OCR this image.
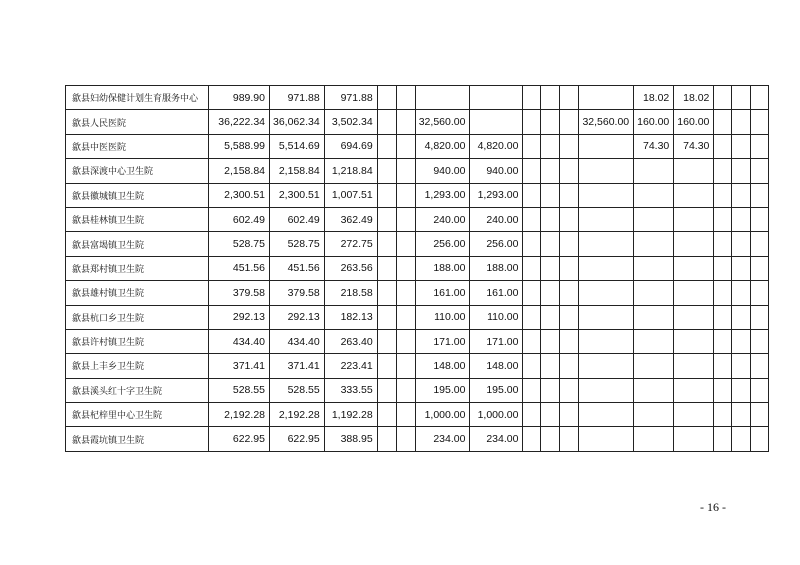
歙县妇幼保健计划生育服务中心	989.90	971.88	971.88									18.02	18.02			
歙县人民医院	36,222.34	36,062.34	3,502.34			32,560.00					32,560.00	160.00	160.00			
歙县中医医院	5,588.99	5,514.69	694.69			4,820.00	4,820.00					74.30	74.30			
歙县深渡中心卫生院	2,158.84	2,158.84	1,218.84			940.00	940.00									
歙县徽城镇卫生院	2,300.51	2,300.51	1,007.51			1,293.00	1,293.00									
歙县桂林镇卫生院	602.49	602.49	362.49			240.00	240.00									
歙县富堨镇卫生院	528.75	528.75	272.75			256.00	256.00									
歙县郑村镇卫生院	451.56	451.56	263.56			188.00	188.00									
歙县雄村镇卫生院	379.58	379.58	218.58			161.00	161.00									
歙县杭口乡卫生院	292.13	292.13	182.13			110.00	110.00									
歙县许村镇卫生院	434.40	434.40	263.40			171.00	171.00									
歙县上丰乡卫生院	371.41	371.41	223.41			148.00	148.00									
歙县溪头红十字卫生院	528.55	528.55	333.55			195.00	195.00									
歙县杞梓里中心卫生院	2,192.28	2,192.28	1,192.28			1,000.00	1,000.00									
歙县霞坑镇卫生院	622.95	622.95	388.95			234.00	234.00									
- 16 -
